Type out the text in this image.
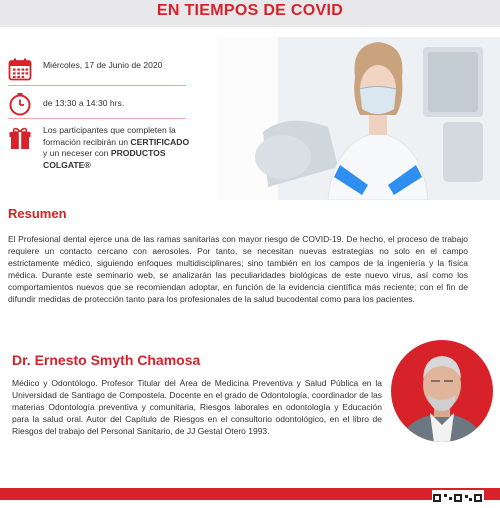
EN TIEMPOS DE COVID
Miércoles, 17 de Junio de 2020
de 13:30 a 14:30 hrs.
Los participantes que completen la
formación recibirán un CERTIFICADO
y un neceser con PRODUCTOS
COLGATE®
Resumen
El Profesional dental ejerce una de las ramas sanitarias con mayor riesgo de COVID-19. De hecho, el proceso de trabajo requiere un contacto cercano con aerosoles. Por tanto, se necesitan nuevas estrategias no solo en el campo estrictamente médico, siguiendo enfoques multidisciplinares; sino también en los campos de la ingeniería y la física médica. Durante este seminario web, se analizarán las peculiaridades biológicas de este nuevo virus, así como los comportamientos nuevos que se recomiendan adoptar, en función de la evidencia científica más reciente; con el fin de difundir medidas de protección tanto para los profesionales de la salud bucodental como para los pacientes.
Dr. Ernesto Smyth Chamosa
Médico y Odontólogo. Profesor Titular del Área de Medicina Preventiva y Salud Pública en la Universidad de Santiago de Compostela. Docente en el grado de Odontología, coordinador de las materias Odontología preventiva y comunitaria, Riesgos laborales en odontología y Educación para la salud oral. Autor del Capítulo de Riesgos en el consultorio odontológico, en el libro de Riesgos del trabajo del Personal Sanitario, de JJ Gestal Otero 1993.
